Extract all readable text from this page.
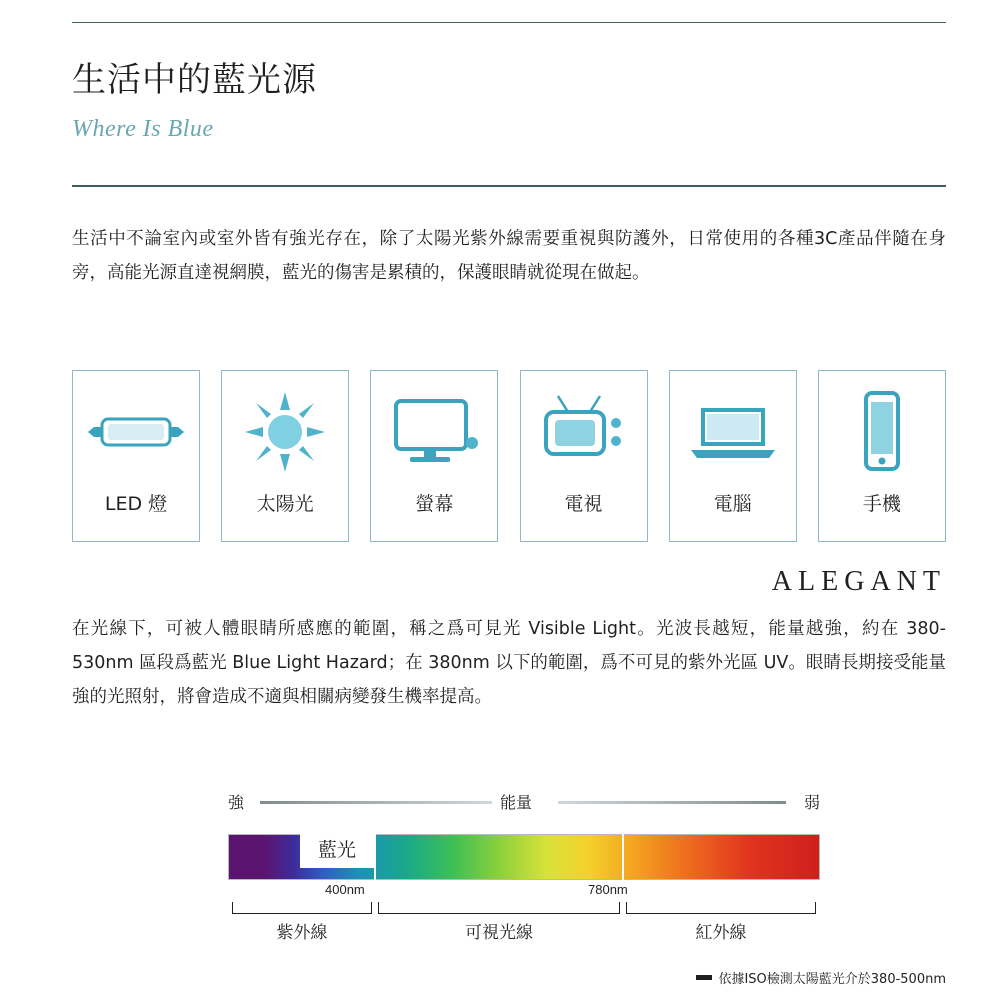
生活中的藍光源
Where Is Blue
生活中不論室內或室外皆有強光存在，除了太陽光紫外線需要重視與防護外，日常使用的各種3C產品伴隨在身旁，高能光源直達視網膜，藍光的傷害是累積的，保護眼睛就從現在做起。
LED 燈	太陽光	螢幕	電視	電腦	手機
ALEGANT
在光線下，可被人體眼睛所感應的範圍，稱之爲可見光 Visible Light。光波長越短，能量越強，約在 380-530nm 區段爲藍光 Blue Light Hazard；在 380nm 以下的範圍，爲不可見的紫外光區 UV。眼睛長期接受能量強的光照射，將會造成不適與相關病變發生機率提高。
強	能量	弱
藍光
400nm	780nm
紫外線	可視光線	紅外線
依據ISO檢測太陽藍光介於380-500nm
